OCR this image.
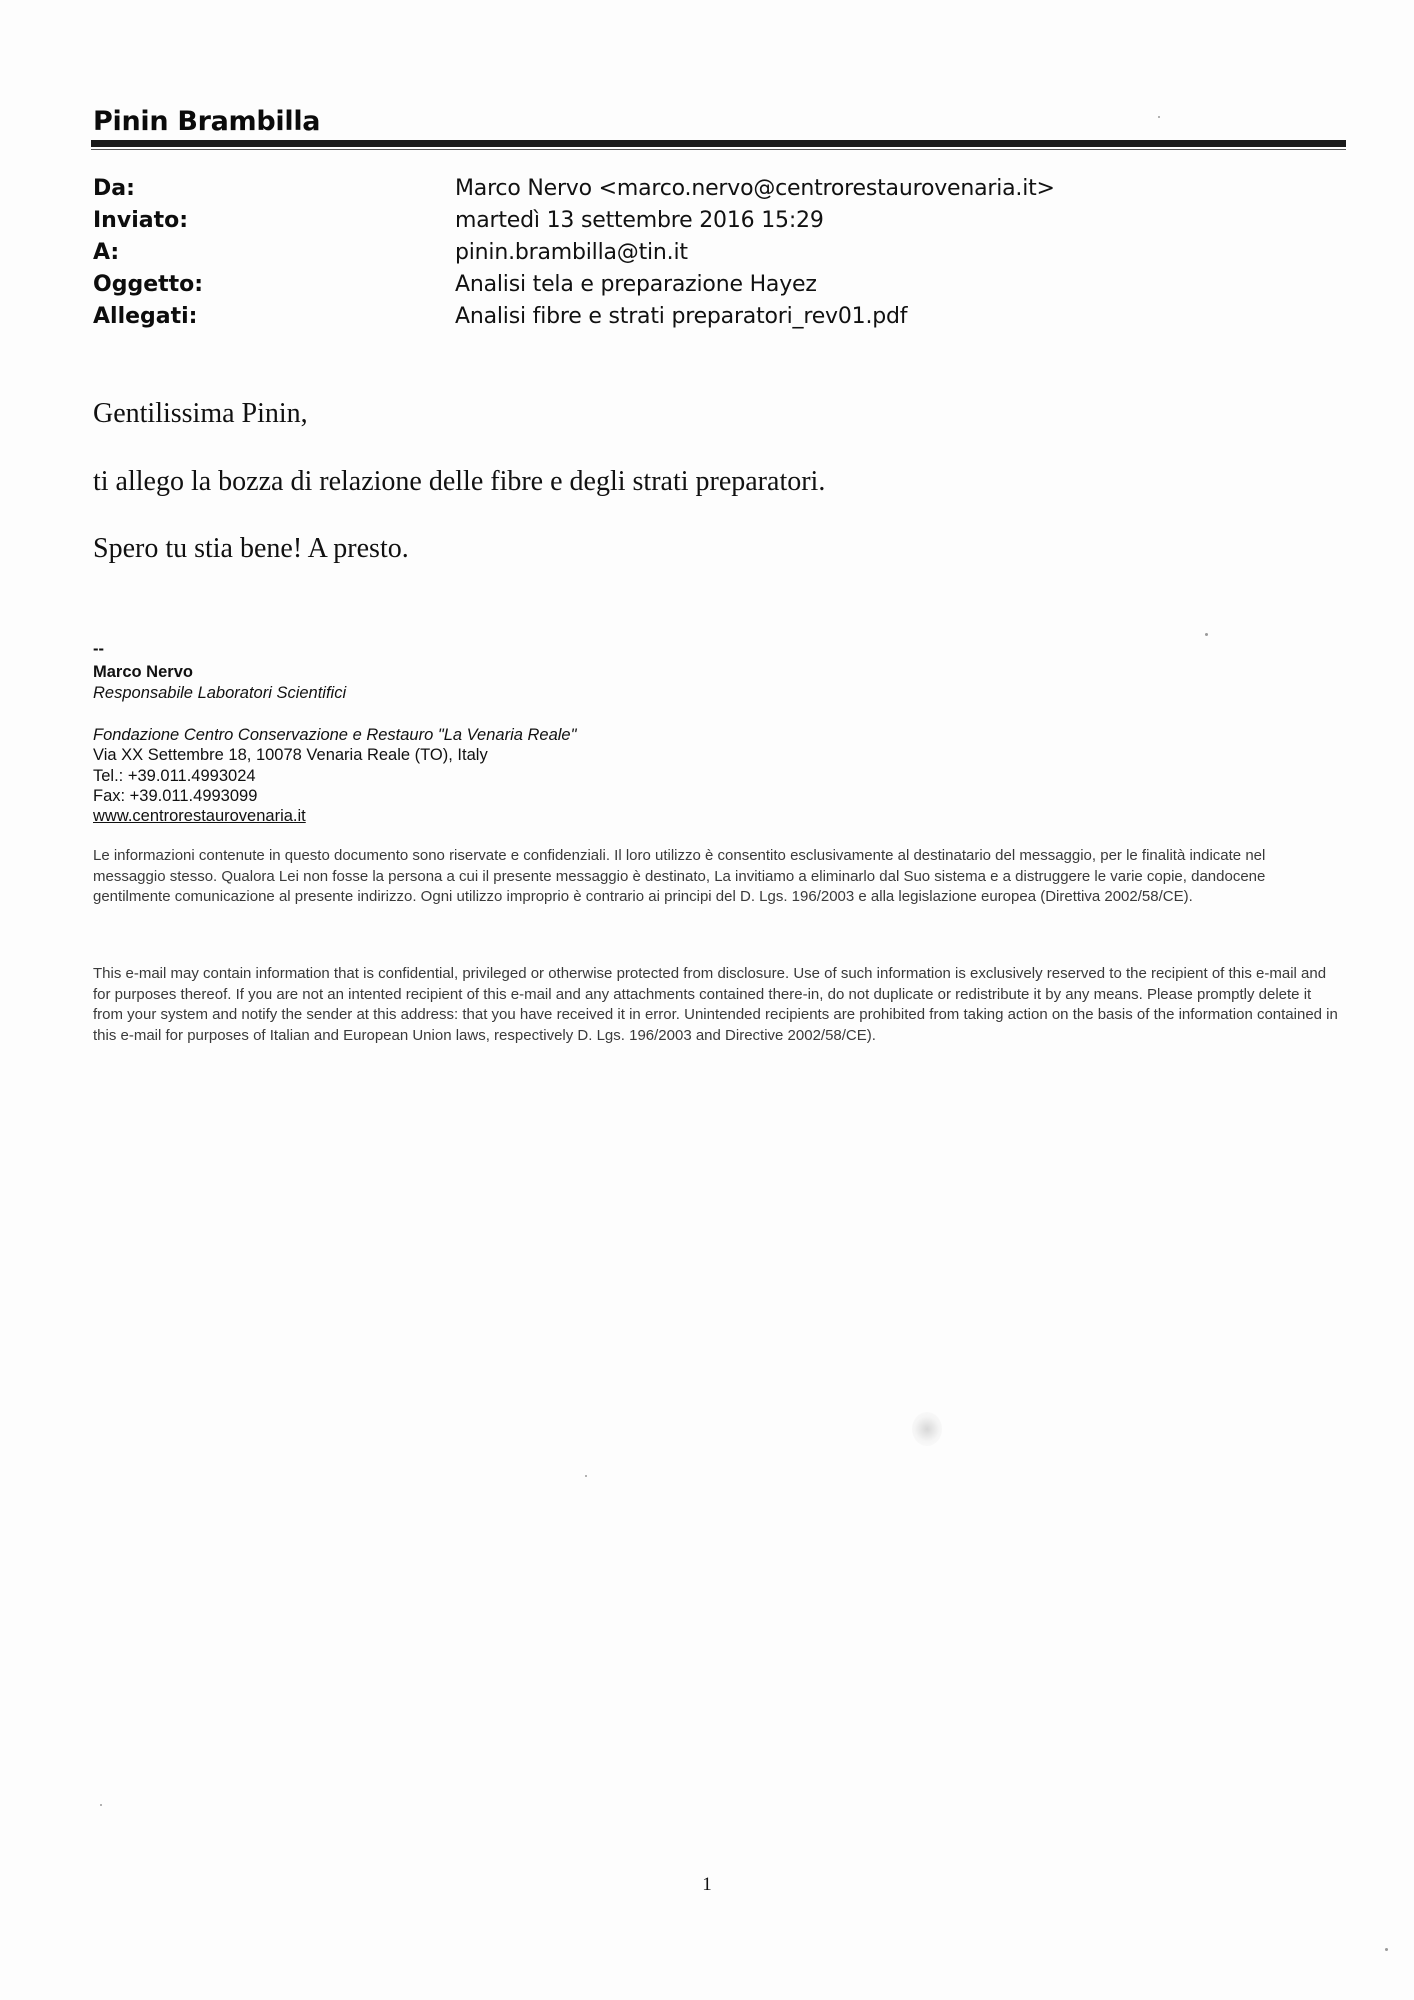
Pinin Brambilla
Da:	Marco Nervo <marco.nervo@centrorestaurovenaria.it>
Inviato:	martedì 13 settembre 2016 15:29
A:	pinin.brambilla@tin.it
Oggetto:	Analisi tela e preparazione Hayez
Allegati:	Analisi fibre e strati preparatori_rev01.pdf
Gentilissima Pinin,
ti allego la bozza di relazione delle fibre e degli strati preparatori.
Spero tu stia bene! A presto.
--
Marco Nervo
Responsabile Laboratori Scientifici
Fondazione Centro Conservazione e Restauro "La Venaria Reale"
Via XX Settembre 18, 10078 Venaria Reale (TO), Italy
Tel.: +39.011.4993024
Fax: +39.011.4993099
www.centrorestaurovenaria.it
Le informazioni contenute in questo documento sono riservate e confidenziali. Il loro utilizzo è consentito esclusivamente al destinatario del messaggio, per le finalità indicate nel messaggio stesso. Qualora Lei non fosse la persona a cui il presente messaggio è destinato, La invitiamo a eliminarlo dal Suo sistema e a distruggere le varie copie, dandocene gentilmente comunicazione al presente indirizzo. Ogni utilizzo improprio è contrario ai principi del D. Lgs. 196/2003 e alla legislazione europea (Direttiva 2002/58/CE).
This e-mail may contain information that is confidential, privileged or otherwise protected from disclosure. Use of such information is exclusively reserved to the recipient of this e-mail and for purposes thereof. If you are not an intented recipient of this e-mail and any attachments contained there-in, do not duplicate or redistribute it by any means. Please promptly delete it from your system and notify the sender at this address: that you have received it in error. Unintended recipients are prohibited from taking action on the basis of the information contained in this e-mail for purposes of Italian and European Union laws, respectively D. Lgs. 196/2003 and Directive 2002/58/CE).
1
